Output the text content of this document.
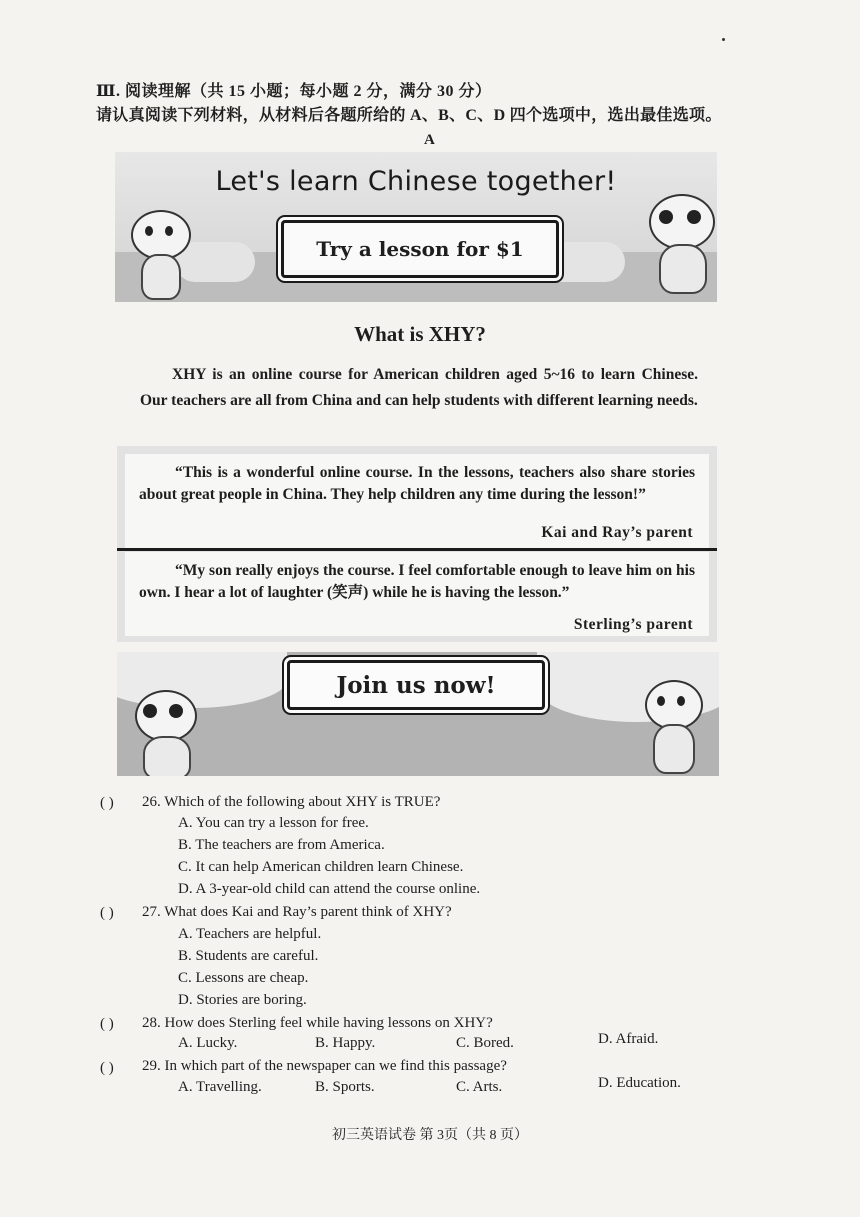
Ⅲ. 阅读理解（共 15 小题；每小题 2 分，满分 30 分）
请认真阅读下列材料，从材料后各题所给的 A、B、C、D 四个选项中，选出最佳选项。
A
Let's learn Chinese together!
Try a lesson for $1
What is XHY?
XHY is an online course for American children aged 5~16 to learn Chinese. Our teachers are all from China and can help students with different learning needs.
“This is a wonderful online course. In the lessons, teachers also share stories about great people in China. They help children any time during the lesson!”
Kai and Ray’s parent
“My son really enjoys the course. I feel comfortable enough to leave him on his own. I hear a lot of laughter (笑声) while he is having the lesson.”
Sterling’s parent
Join us now!
( ) 26. Which of the following about XHY is TRUE?
A. You can try a lesson for free.
B. The teachers are from America.
C. It can help American children learn Chinese.
D. A 3-year-old child can attend the course online.
( ) 27. What does Kai and Ray’s parent think of XHY?
A. Teachers are helpful.
B. Students are careful.
C. Lessons are cheap.
D. Stories are boring.
( ) 28. How does Sterling feel while having lessons on XHY?
A. Lucky.	B. Happy.	C. Bored.	D. Afraid.
( ) 29. In which part of the newspaper can we find this passage?
A. Travelling.	B. Sports.	C. Arts.	D. Education.
初三英语试卷 第 3页（共 8 页）
